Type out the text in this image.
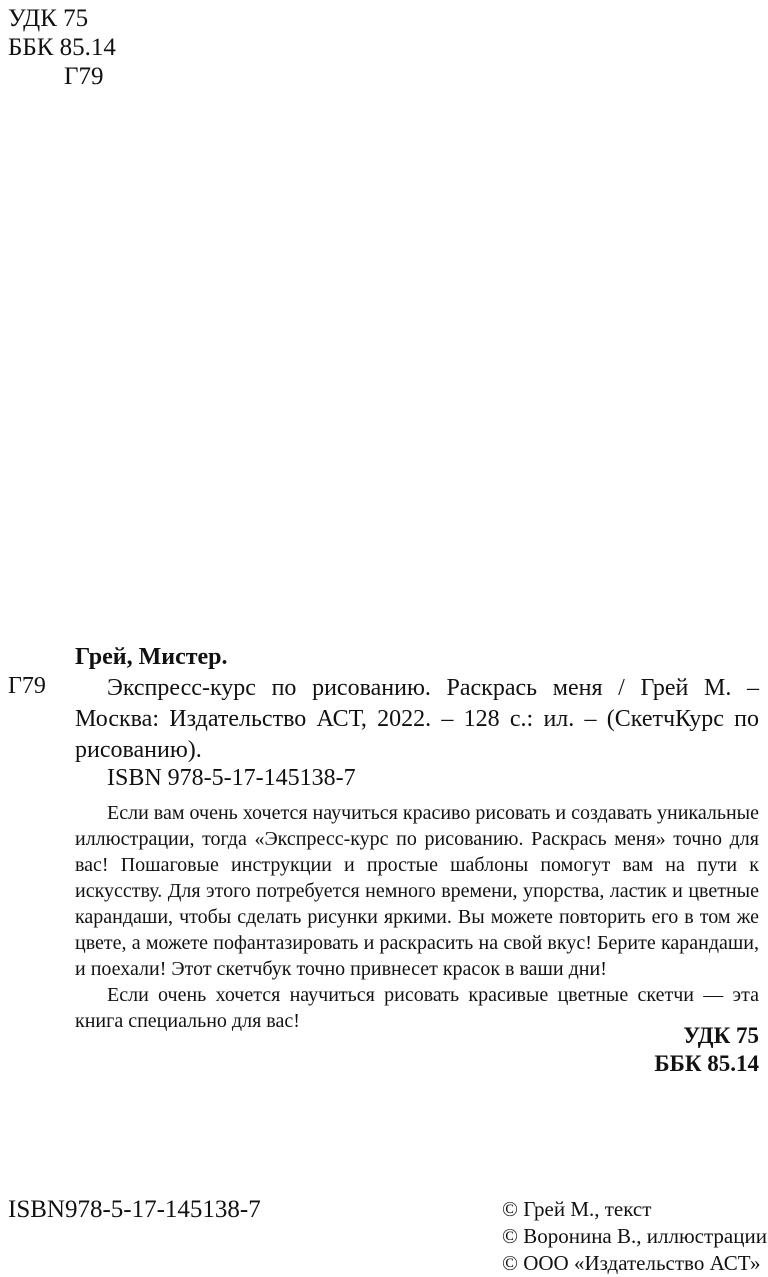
УДК 75
ББК 85.14
Г79
Грей, Мистер.
Г79	Экспресс-курс по рисованию. Раскрась меня / Грей М. – Москва: Издательство АСТ, 2022. – 128 с.: ил. – (СкетчКурс по рисованию).
ISBN 978-5-17-145138-7

Если вам очень хочется научиться красиво рисовать и создавать уникальные иллюстрации, тогда «Экспресс-курс по рисованию. Раскрась меня» точно для вас! Пошаговые инструкции и простые шаблоны помогут вам на пути к искусству. Для этого потребуется немного времени, упорства, ластик и цветные карандаши, чтобы сделать рисунки яркими. Вы можете повторить его в том же цвете, а можете пофантазировать и раскрасить на свой вкус! Берите карандаши, и поехали! Этот скетчбук точно привнесет красок в ваши дни!

Если очень хочется научиться рисовать красивые цветные скетчи — эта книга специально для вас!

УДК 75
ББК 85.14
ISBN978-5-17-145138-7	© Грей М., текст
© Воронина В., иллюстрации
© ООО «Издательство АСТ»
